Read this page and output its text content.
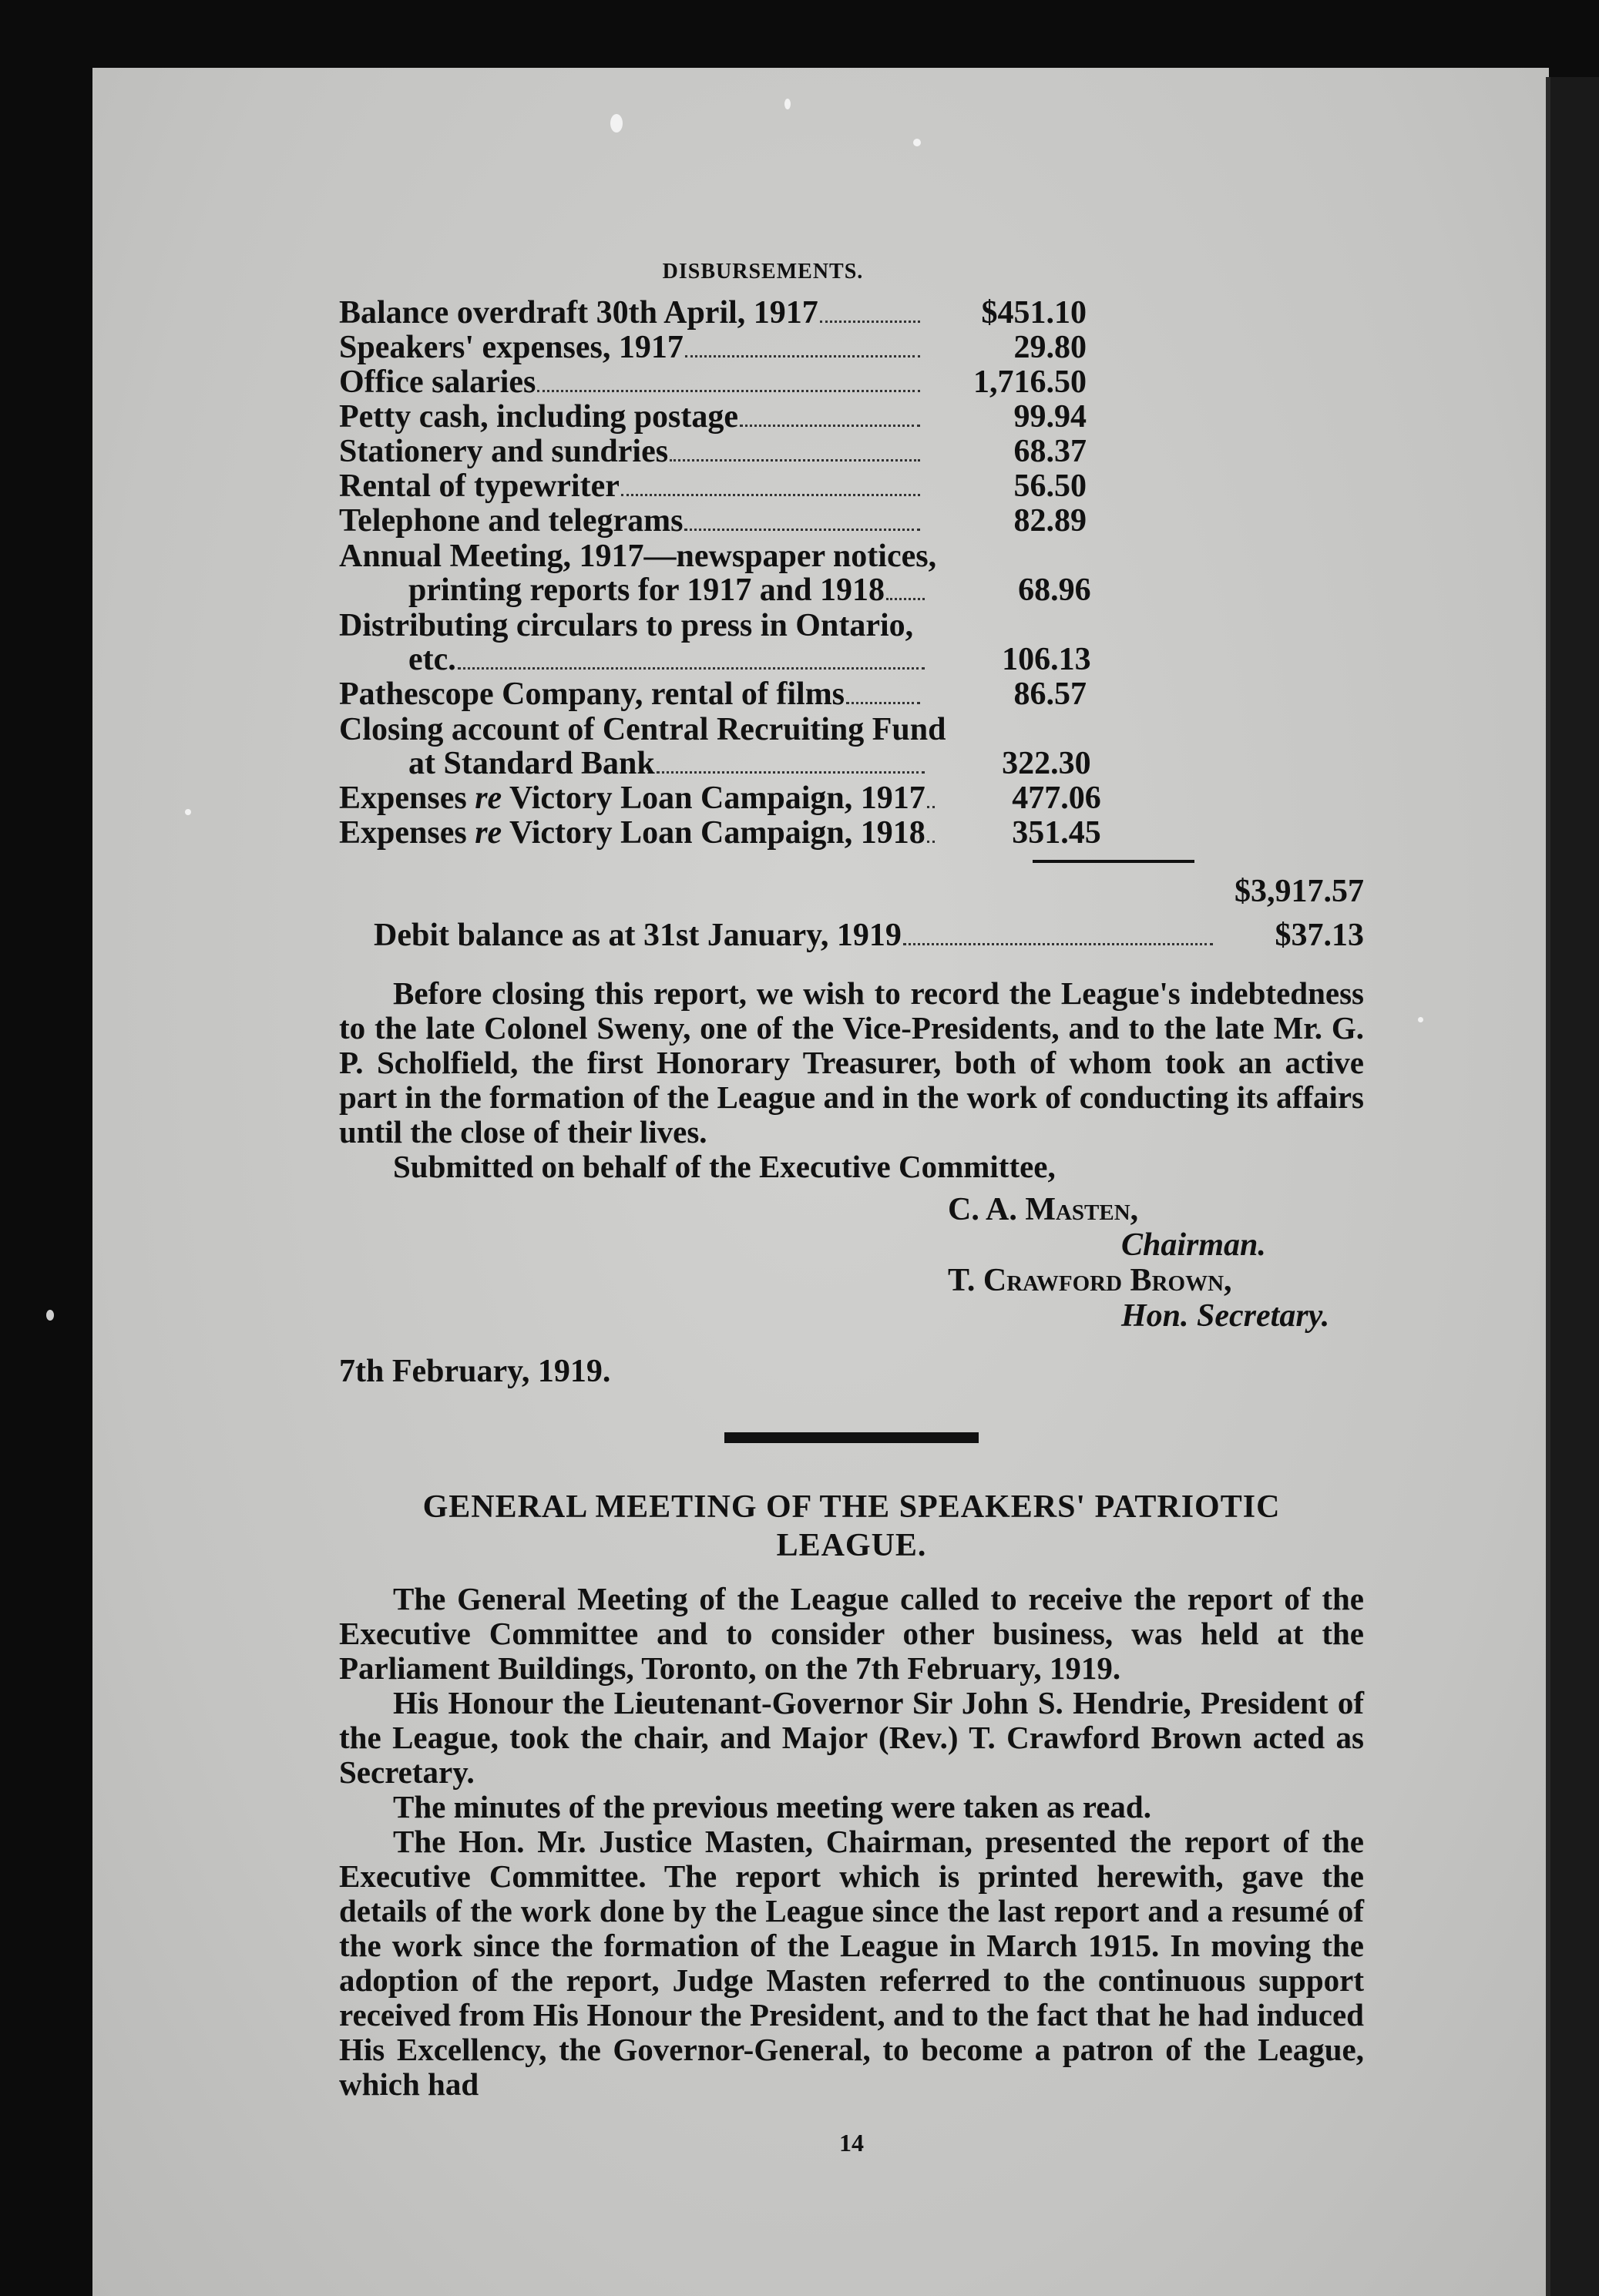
DISBURSEMENTS.
Balance overdraft 30th April, 1917	$451.10
Speakers' expenses, 1917	29.80
Office salaries	1,716.50
Petty cash, including postage	99.94
Stationery and sundries	68.37
Rental of typewriter	56.50
Telephone and telegrams	82.89
Annual Meeting, 1917—newspaper notices,
printing reports for 1917 and 1918	68.96
Distributing circulars to press in Ontario,
etc.	106.13
Pathescope Company, rental of films	86.57
Closing account of Central Recruiting Fund
at Standard Bank	322.30
Expenses re Victory Loan Campaign, 1917	477.06
Expenses re Victory Loan Campaign, 1918	351.45
$3,917.57
Debit balance as at 31st January, 1919	$37.13
Before closing this report, we wish to record the League's indebtedness to the late Colonel Sweny, one of the Vice-Presidents, and to the late Mr. G. P. Scholfield, the first Honorary Treasurer, both of whom took an active part in the formation of the League and in the work of conducting its affairs until the close of their lives.
Submitted on behalf of the Executive Committee,
C. A. Masten,
Chairman.
T. Crawford Brown,
Hon. Secretary.
7th February, 1919.
GENERAL MEETING OF THE SPEAKERS' PATRIOTIC
LEAGUE.
The General Meeting of the League called to receive the report of the Executive Committee and to consider other business, was held at the Parliament Buildings, Toronto, on the 7th February, 1919.
His Honour the Lieutenant-Governor Sir John S. Hendrie, President of the League, took the chair, and Major (Rev.) T. Crawford Brown acted as Secretary.
The minutes of the previous meeting were taken as read.
The Hon. Mr. Justice Masten, Chairman, presented the report of the Executive Committee. The report which is printed herewith, gave the details of the work done by the League since the last report and a resumé of the work since the formation of the League in March 1915. In moving the adoption of the report, Judge Masten referred to the continuous support received from His Honour the President, and to the fact that he had induced His Excellency, the Governor-General, to become a patron of the League, which had
14
